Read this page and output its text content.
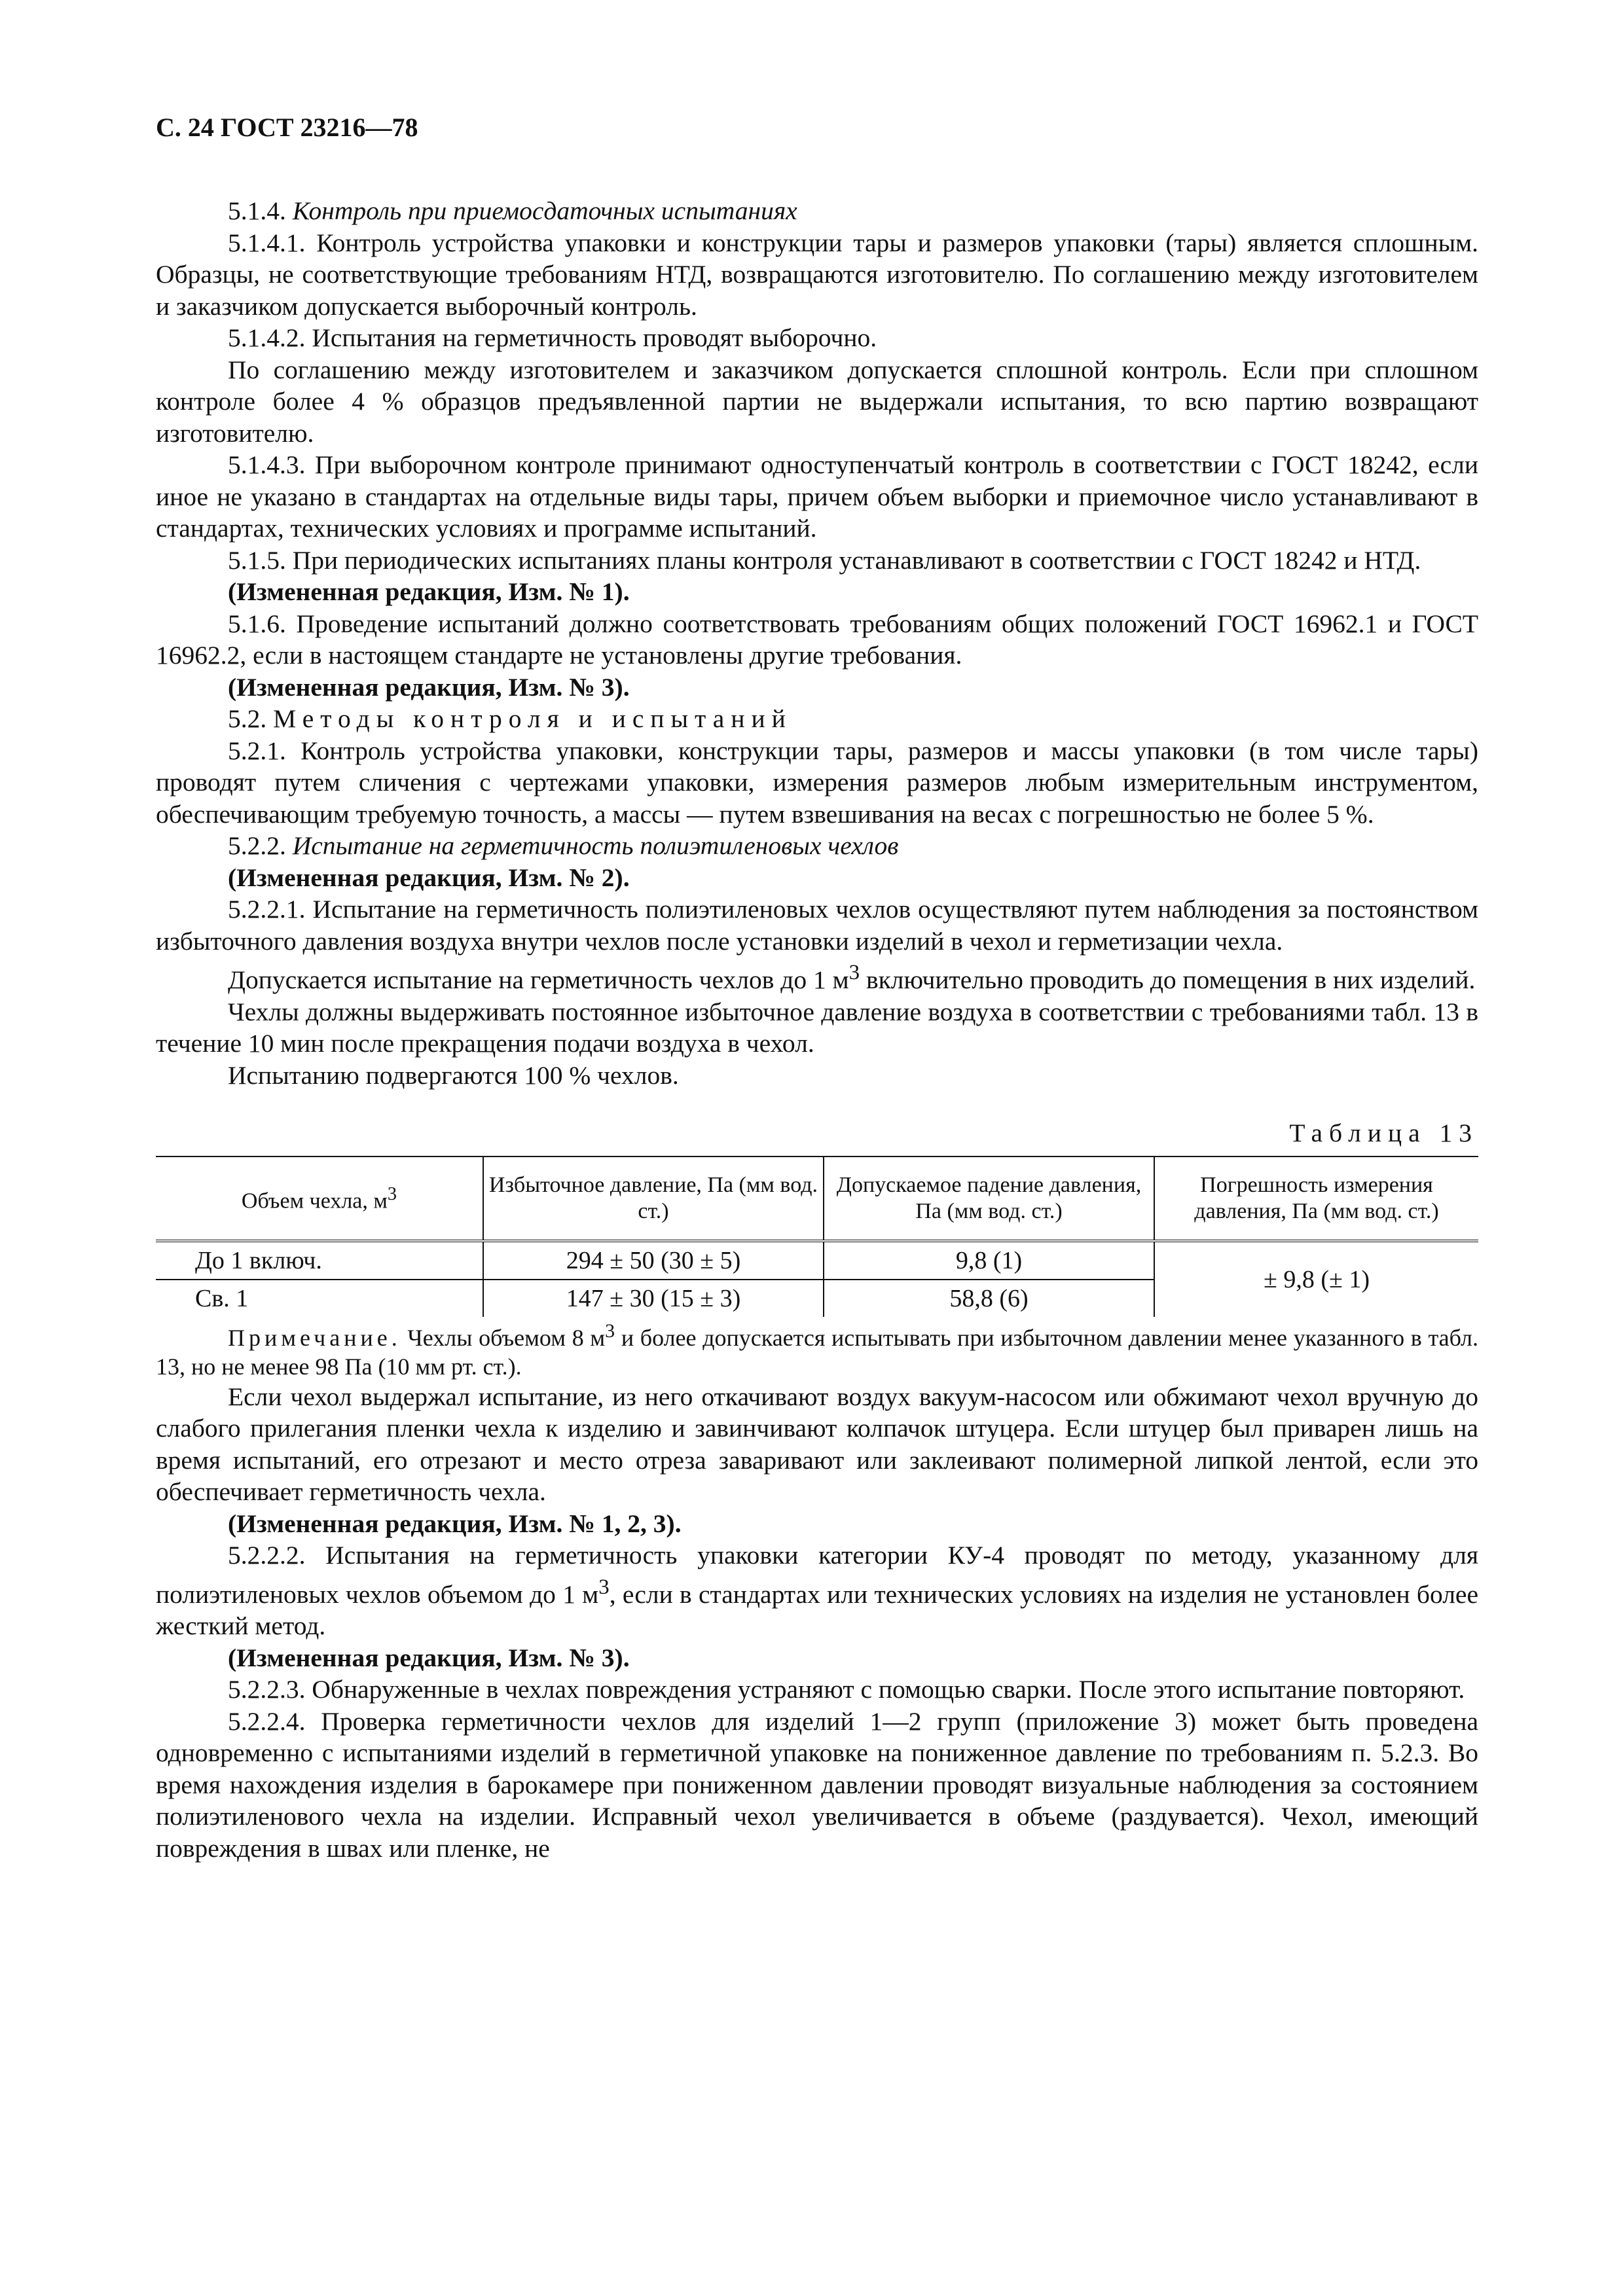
С. 24 ГОСТ 23216—78

5.1.4. Контроль при приемосдаточных испытаниях

5.1.4.1. Контроль устройства упаковки и конструкции тары и размеров упаковки (тары) является сплошным. Образцы, не соответствующие требованиям НТД, возвращаются изготовителю. По соглашению между изготовителем и заказчиком допускается выборочный контроль.

5.1.4.2. Испытания на герметичность проводят выборочно.

По соглашению между изготовителем и заказчиком допускается сплошной контроль. Если при сплошном контроле более 4 % образцов предъявленной партии не выдержали испытания, то всю партию возвращают изготовителю.

5.1.4.3. При выборочном контроле принимают одноступенчатый контроль в соответствии с ГОСТ 18242, если иное не указано в стандартах на отдельные виды тары, причем объем выборки и приемочное число устанавливают в стандартах, технических условиях и программе испытаний.

5.1.5. При периодических испытаниях планы контроля устанавливают в соответствии с ГОСТ 18242 и НТД.

(Измененная редакция, Изм. № 1).

5.1.6. Проведение испытаний должно соответствовать требованиям общих положений ГОСТ 16962.1 и ГОСТ 16962.2, если в настоящем стандарте не установлены другие требования.

(Измененная редакция, Изм. № 3).

5.2. Методы контроля и испытаний

5.2.1. Контроль устройства упаковки, конструкции тары, размеров и массы упаковки (в том числе тары) проводят путем сличения с чертежами упаковки, измерения размеров любым измерительным инструментом, обеспечивающим требуемую точность, а массы — путем взвешивания на весах с погрешностью не более 5 %.

5.2.2. Испытание на герметичность полиэтиленовых чехлов

(Измененная редакция, Изм. № 2).

5.2.2.1. Испытание на герметичность полиэтиленовых чехлов осуществляют путем наблюдения за постоянством избыточного давления воздуха внутри чехлов после установки изделий в чехол и герметизации чехла.

Допускается испытание на герметичность чехлов до 1 $м^3$ включительно проводить до помещения в них изделий.

Чехлы должны выдерживать постоянное избыточное давление воздуха в соответствии с требованиями табл. 13 в течение 10 мин после прекращения подачи воздуха в чехол.

Испытанию подвергаются 100 % чехлов.

Таблица 13
Объем чехла, $м^3$	Избыточное давление, Па (мм вод. ст.)	Допускаемое падение давления, Па (мм вод. ст.)	Погрешность измерения давления, Па (мм вод. ст.)
До 1 включ.	294 ± 50 (30 ± 5)	9,8 (1)	± 9,8 (± 1)
Св. 1	147 ± 30 (15 ± 3)	58,8 (6)	

Примечание. Чехлы объемом 8 $м^3$ и более допускается испытывать при избыточном давлении менее указанного в табл. 13, но не менее 98 Па (10 мм рт. ст.).

Если чехол выдержал испытание, из него откачивают воздух вакуум-насосом или обжимают чехол вручную до слабого прилегания пленки чехла к изделию и завинчивают колпачок штуцера. Если штуцер был приварен лишь на время испытаний, его отрезают и место отреза заваривают или заклеивают полимерной липкой лентой, если это обеспечивает герметичность чехла.

(Измененная редакция, Изм. № 1, 2, 3).

5.2.2.2. Испытания на герметичность упаковки категории КУ-4 проводят по методу, указанному для полиэтиленовых чехлов объемом до 1 $м^3$, если в стандартах или технических условиях на изделия не установлен более жесткий метод.

(Измененная редакция, Изм. № 3).

5.2.2.3. Обнаруженные в чехлах повреждения устраняют с помощью сварки. После этого испытание повторяют.

5.2.2.4. Проверка герметичности чехлов для изделий 1—2 групп (приложение 3) может быть проведена одновременно с испытаниями изделий в герметичной упаковке на пониженное давление по требованиям п. 5.2.3. Во время нахождения изделия в барокамере при пониженном давлении проводят визуальные наблюдения за состоянием полиэтиленового чехла на изделии. Исправный чехол увеличивается в объеме (раздувается). Чехол, имеющий повреждения в швах или пленке, не
